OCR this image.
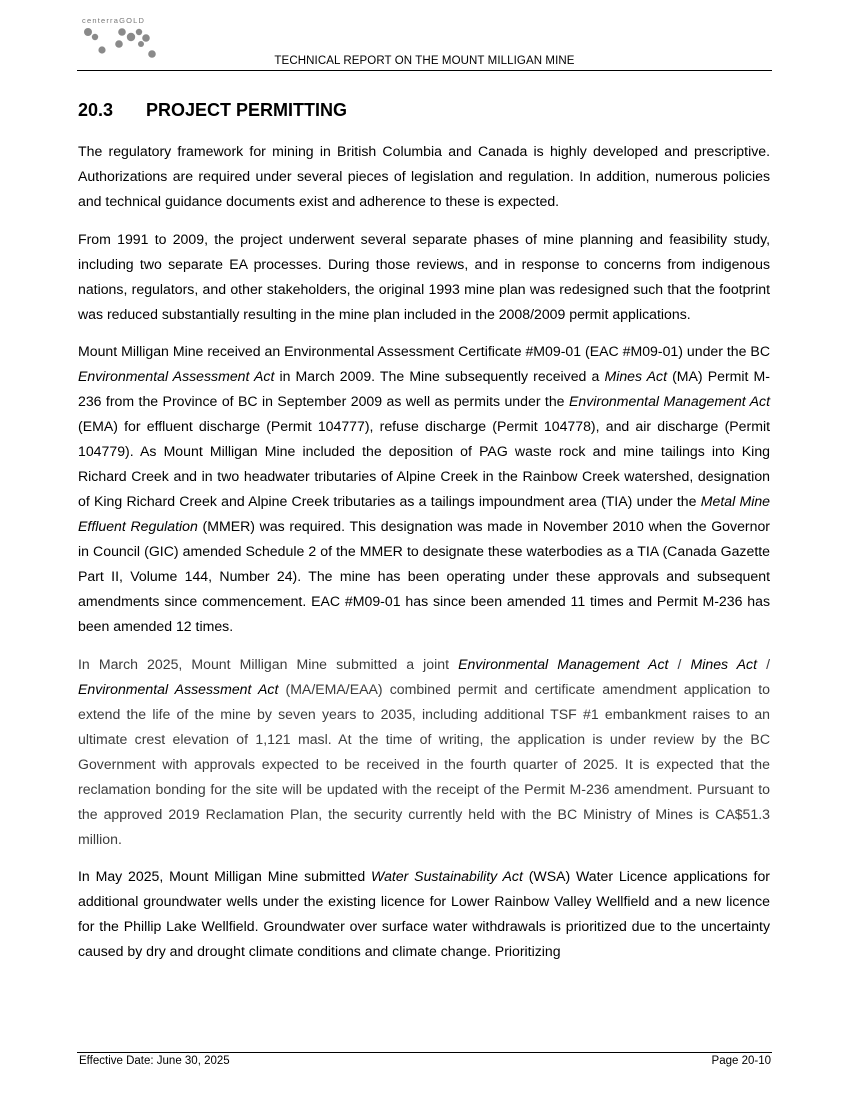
centerraGOLD
TECHNICAL REPORT ON THE MOUNT MILLIGAN MINE
20.3 PROJECT PERMITTING

The regulatory framework for mining in British Columbia and Canada is highly developed and prescriptive. Authorizations are required under several pieces of legislation and regulation. In addition, numerous policies and technical guidance documents exist and adherence to these is expected.

From 1991 to 2009, the project underwent several separate phases of mine planning and feasibility study, including two separate EA processes. During those reviews, and in response to concerns from indigenous nations, regulators, and other stakeholders, the original 1993 mine plan was redesigned such that the footprint was reduced substantially resulting in the mine plan included in the 2008/2009 permit applications.

Mount Milligan Mine received an Environmental Assessment Certificate #M09-01 (EAC #M09-01) under the BC Environmental Assessment Act in March 2009. The Mine subsequently received a Mines Act (MA) Permit M-236 from the Province of BC in September 2009 as well as permits under the Environmental Management Act (EMA) for effluent discharge (Permit 104777), refuse discharge (Permit 104778), and air discharge (Permit 104779). As Mount Milligan Mine included the deposition of PAG waste rock and mine tailings into King Richard Creek and in two headwater tributaries of Alpine Creek in the Rainbow Creek watershed, designation of King Richard Creek and Alpine Creek tributaries as a tailings impoundment area (TIA) under the Metal Mine Effluent Regulation (MMER) was required. This designation was made in November 2010 when the Governor in Council (GIC) amended Schedule 2 of the MMER to designate these waterbodies as a TIA (Canada Gazette Part II, Volume 144, Number 24). The mine has been operating under these approvals and subsequent amendments since commencement. EAC #M09-01 has since been amended 11 times and Permit M-236 has been amended 12 times.

In March 2025, Mount Milligan Mine submitted a joint Environmental Management Act / Mines Act / Environmental Assessment Act (MA/EMA/EAA) combined permit and certificate amendment application to extend the life of the mine by seven years to 2035, including additional TSF #1 embankment raises to an ultimate crest elevation of 1,121 masl. At the time of writing, the application is under review by the BC Government with approvals expected to be received in the fourth quarter of 2025. It is expected that the reclamation bonding for the site will be updated with the receipt of the Permit M-236 amendment. Pursuant to the approved 2019 Reclamation Plan, the security currently held with the BC Ministry of Mines is CA$51.3 million.

In May 2025, Mount Milligan Mine submitted Water Sustainability Act (WSA) Water Licence applications for additional groundwater wells under the existing licence for Lower Rainbow Valley Wellfield and a new licence for the Phillip Lake Wellfield. Groundwater over surface water withdrawals is prioritized due to the uncertainty caused by dry and drought climate conditions and climate change. Prioritizing

Effective Date: June 30, 2025	Page 20-10
